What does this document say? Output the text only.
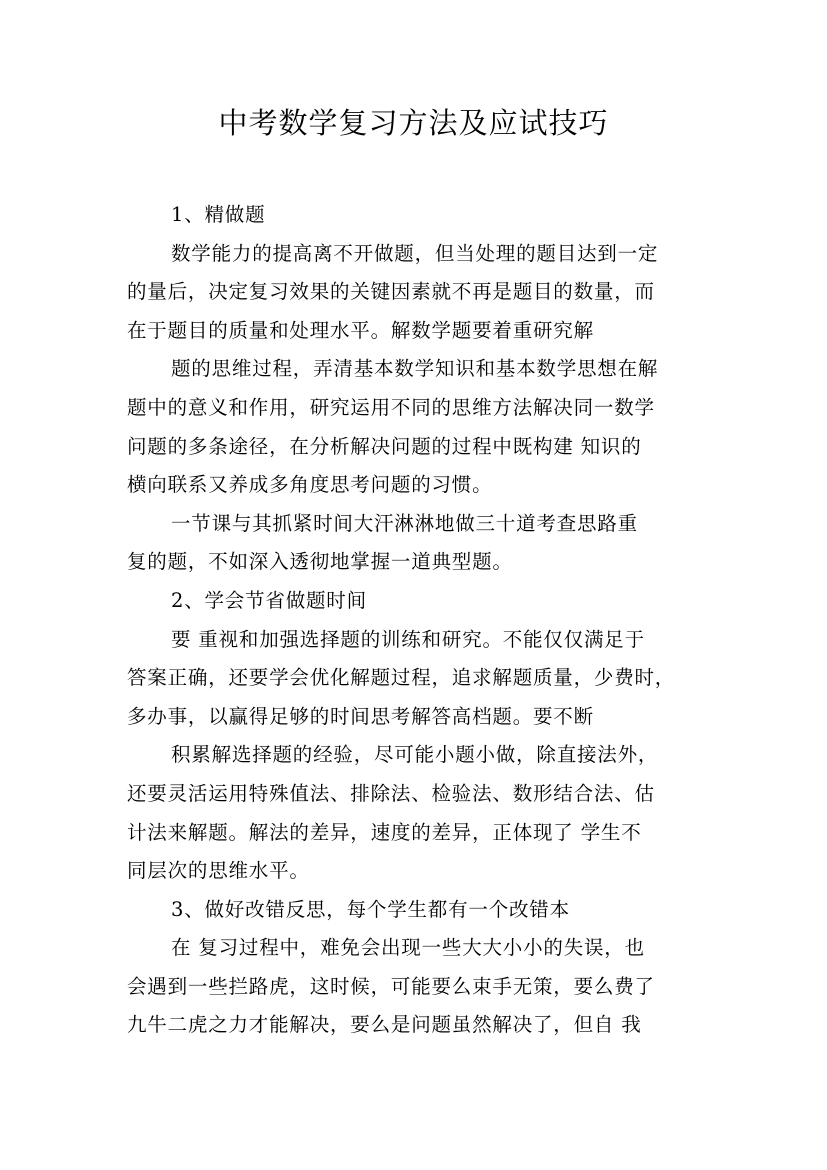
中考数学复习方法及应试技巧
1、精做题
数学能力的提高离不开做题，但当处理的题目达到一定
的量后，决定复习效果的关键因素就不再是题目的数量，而
在于题目的质量和处理水平。解数学题要着重研究解
题的思维过程，弄清基本数学知识和基本数学思想在解
题中的意义和作用，研究运用不同的思维方法解决同一数学
问题的多条途径，在分析解决问题的过程中既构建 知识的
横向联系又养成多角度思考问题的习惯。
一节课与其抓紧时间大汗淋淋地做三十道考查思路重
复的题，不如深入透彻地掌握一道典型题。
2、学会节省做题时间
要 重视和加强选择题的训练和研究。不能仅仅满足于
答案正确，还要学会优化解题过程，追求解题质量，少费时，
多办事，以赢得足够的时间思考解答高档题。要不断
积累解选择题的经验，尽可能小题小做，除直接法外，
还要灵活运用特殊值法、排除法、检验法、数形结合法、估
计法来解题。解法的差异，速度的差异，正体现了 学生不
同层次的思维水平。
3、做好改错反思，每个学生都有一个改错本
在 复习过程中，难免会出现一些大大小小的失误，也
会遇到一些拦路虎，这时候，可能要么束手无策，要么费了
九牛二虎之力才能解决，要么是问题虽然解决了，但自 我
